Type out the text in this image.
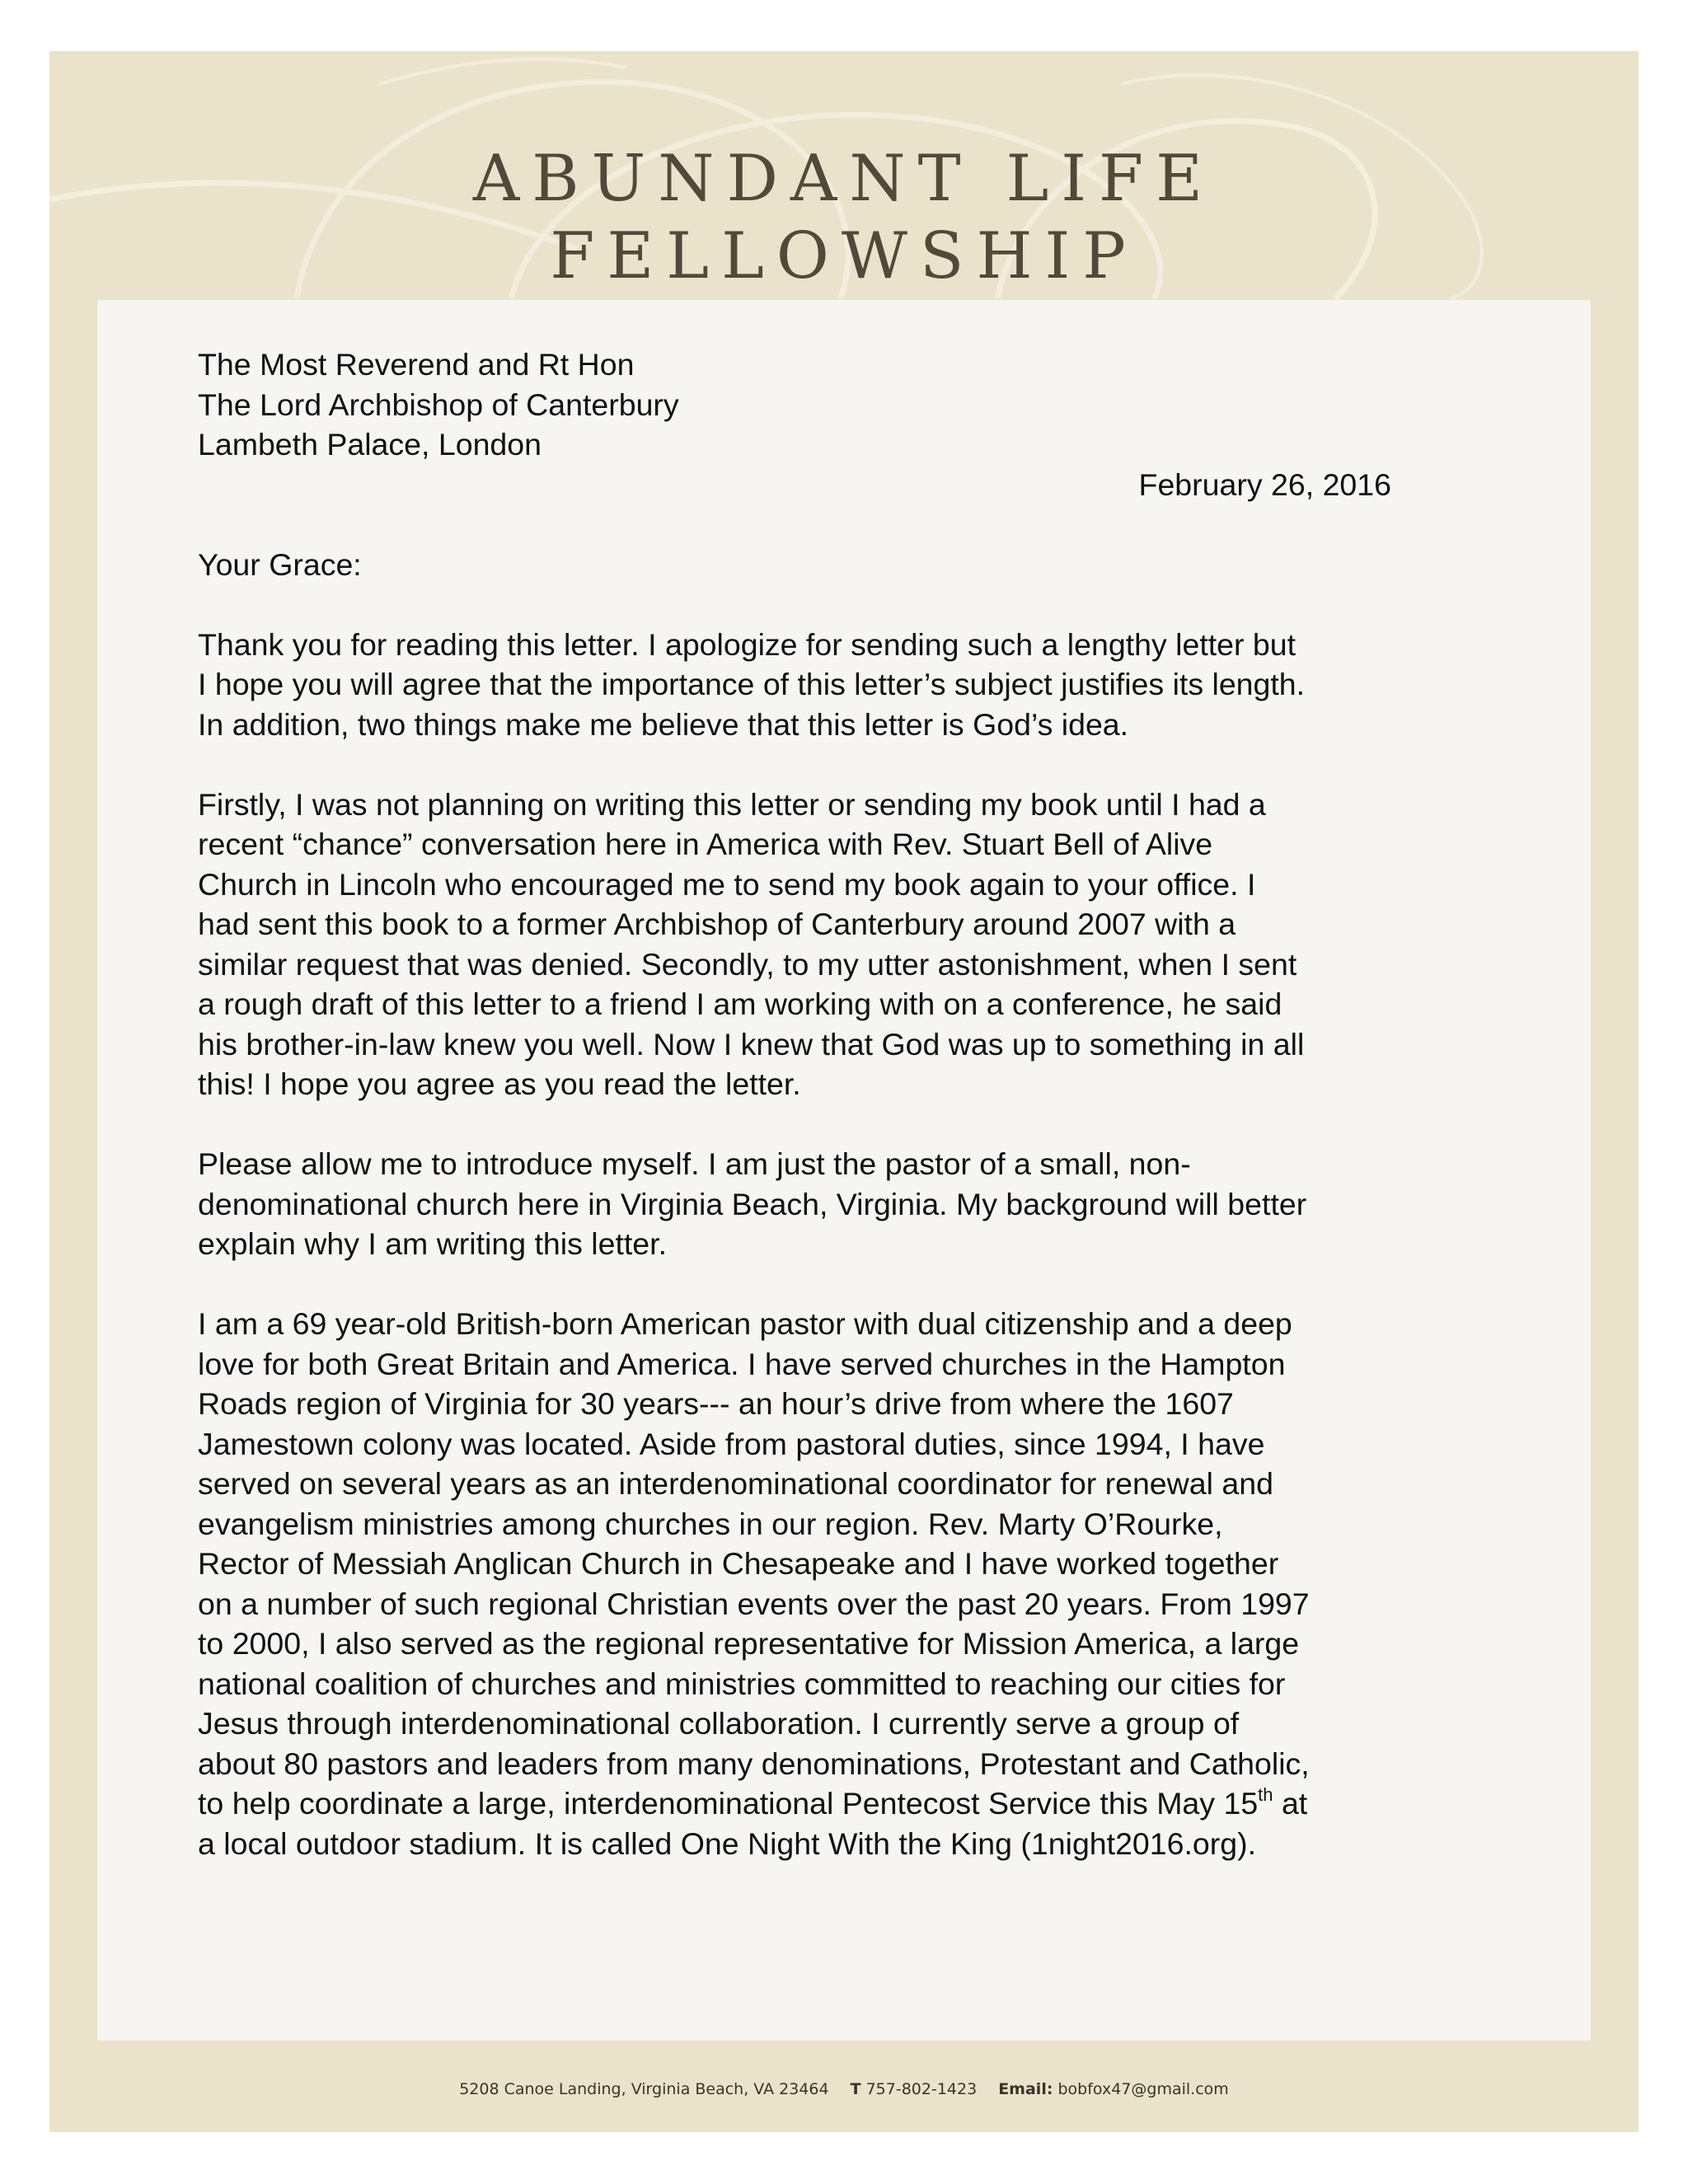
ABUNDANT LIFE
FELLOWSHIP
5208 Canoe Landing, Virginia Beach, VA 23464 T 757-802-1423 Email: bobfox47@gmail.com

The Most Reverend and Rt Hon
The Lord Archbishop of Canterbury
Lambeth Palace, London

February 26, 2016

Your Grace:

Thank you for reading this letter. I apologize for sending such a lengthy letter but
I hope you will agree that the importance of this letter’s subject justifies its length.
In addition, two things make me believe that this letter is God’s idea.

Firstly, I was not planning on writing this letter or sending my book until I had a
recent “chance” conversation here in America with Rev. Stuart Bell of Alive
Church in Lincoln who encouraged me to send my book again to your office. I
had sent this book to a former Archbishop of Canterbury around 2007 with a
similar request that was denied. Secondly, to my utter astonishment, when I sent
a rough draft of this letter to a friend I am working with on a conference, he said
his brother-in-law knew you well. Now I knew that God was up to something in all
this! I hope you agree as you read the letter.

Please allow me to introduce myself. I am just the pastor of a small, non-
denominational church here in Virginia Beach, Virginia. My background will better
explain why I am writing this letter.

I am a 69 year-old British-born American pastor with dual citizenship and a deep
love for both Great Britain and America. I have served churches in the Hampton
Roads region of Virginia for 30 years--- an hour’s drive from where the 1607
Jamestown colony was located. Aside from pastoral duties, since 1994, I have
served on several years as an interdenominational coordinator for renewal and
evangelism ministries among churches in our region. Rev. Marty O’Rourke,
Rector of Messiah Anglican Church in Chesapeake and I have worked together
on a number of such regional Christian events over the past 20 years. From 1997
to 2000, I also served as the regional representative for Mission America, a large
national coalition of churches and ministries committed to reaching our cities for
Jesus through interdenominational collaboration. I currently serve a group of
about 80 pastors and leaders from many denominations, Protestant and Catholic,
to help coordinate a large, interdenominational Pentecost Service this May 15th at
a local outdoor stadium. It is called One Night With the King (1night2016.org).
